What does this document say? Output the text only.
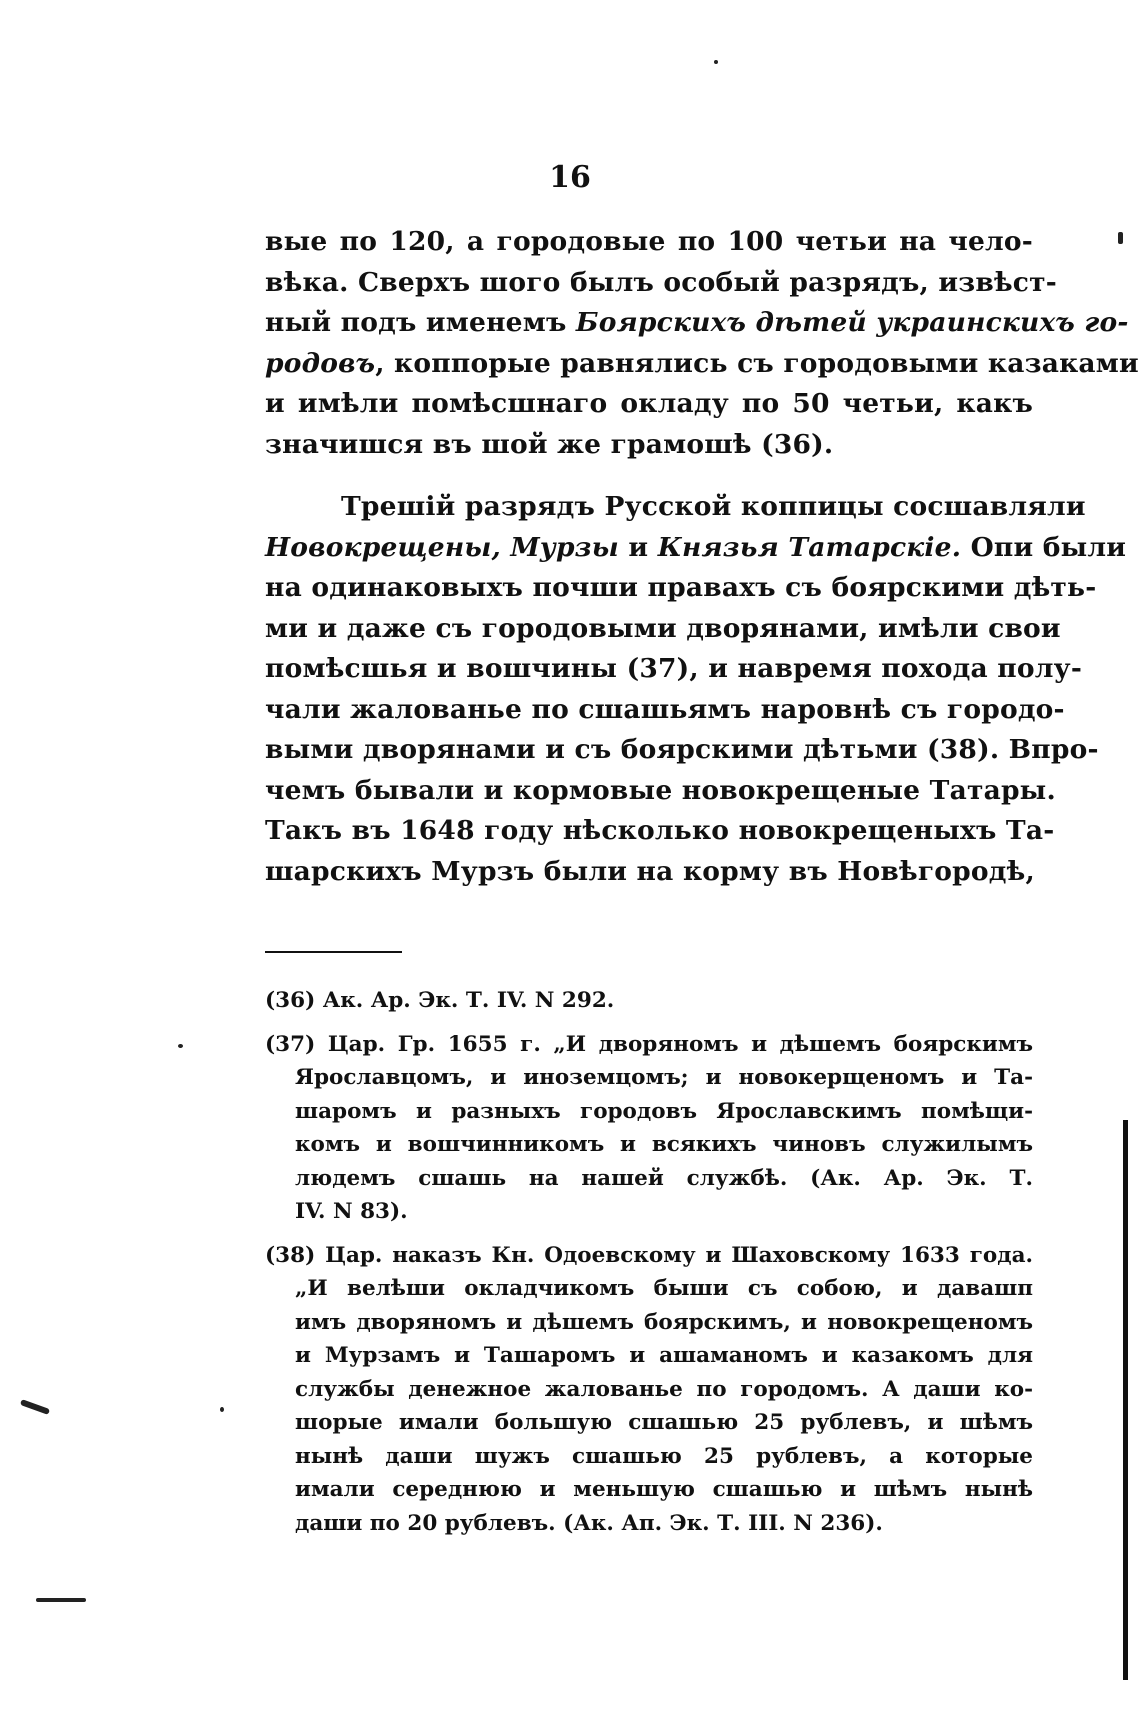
16
вые по 120, а городовые по 100 четьи на чело-
вѣка. Сверхъ шого былъ особый разрядъ, извѣст-
ный подъ именемъ Боярскихъ дѣтей украинскихъ го-
родовъ, коппорые равнялись съ городовыми казаками
и имѣли помѣсшнаго окладу по 50 четьи, какъ
значишся въ шой же грамошѣ (36).
Трешій разрядъ Русской коппицы сосшавляли
Новокрещены, Мурзы и Князья Татарскіе. Опи были
на одинаковыхъ почши правахъ съ боярскими дѣть-
ми и даже съ городовыми дворянами, имѣли свои
помѣсшья и вошчины (37), и навремя похода полу-
чали жалованье по сшашьямъ наровнѣ съ городо-
выми дворянами и съ боярскими дѣтьми (38). Впро-
чемъ бывали и кормовые новокрещеные Татары.
Такъ въ 1648 году нѣсколько новокрещеныхъ Та-
шарскихъ Мурзъ были на корму въ Новѣгородѣ,
(36) Ак. Ар. Эк. Т. IV. N 292.
(37) Цар. Гр. 1655 г. „И дворяномъ и дѣшемъ боярскимъ
Ярославцомъ, и иноземцомъ; и новокерщеномъ и Та-
шаромъ и разныхъ городовъ Ярославскимъ помѣщи-
комъ и вошчинникомъ и всякихъ чиновъ служилымъ
людемъ сшашь на нашей службѣ. (Ак. Ар. Эк. Т.
IV. N 83).
(38) Цар. наказъ Кн. Одоевскому и Шаховскому 1633 года.
„И велѣши окладчикомъ быши съ собою, и давашп
имъ дворяномъ и дѣшемъ боярскимъ, и новокрещеномъ
и Мурзамъ и Ташаромъ и ашаманомъ и казакомъ для
службы денежное жалованье по городомъ. А даши ко-
шорые имали большую сшашью 25 рублевъ, и шѣмъ
нынѣ даши шужъ сшашью 25 рублевъ, а которые
имали середнюю и меньшую сшашью и шѣмъ нынѣ
даши по 20 рублевъ. (Ак. Ап. Эк. Т. III. N 236).
